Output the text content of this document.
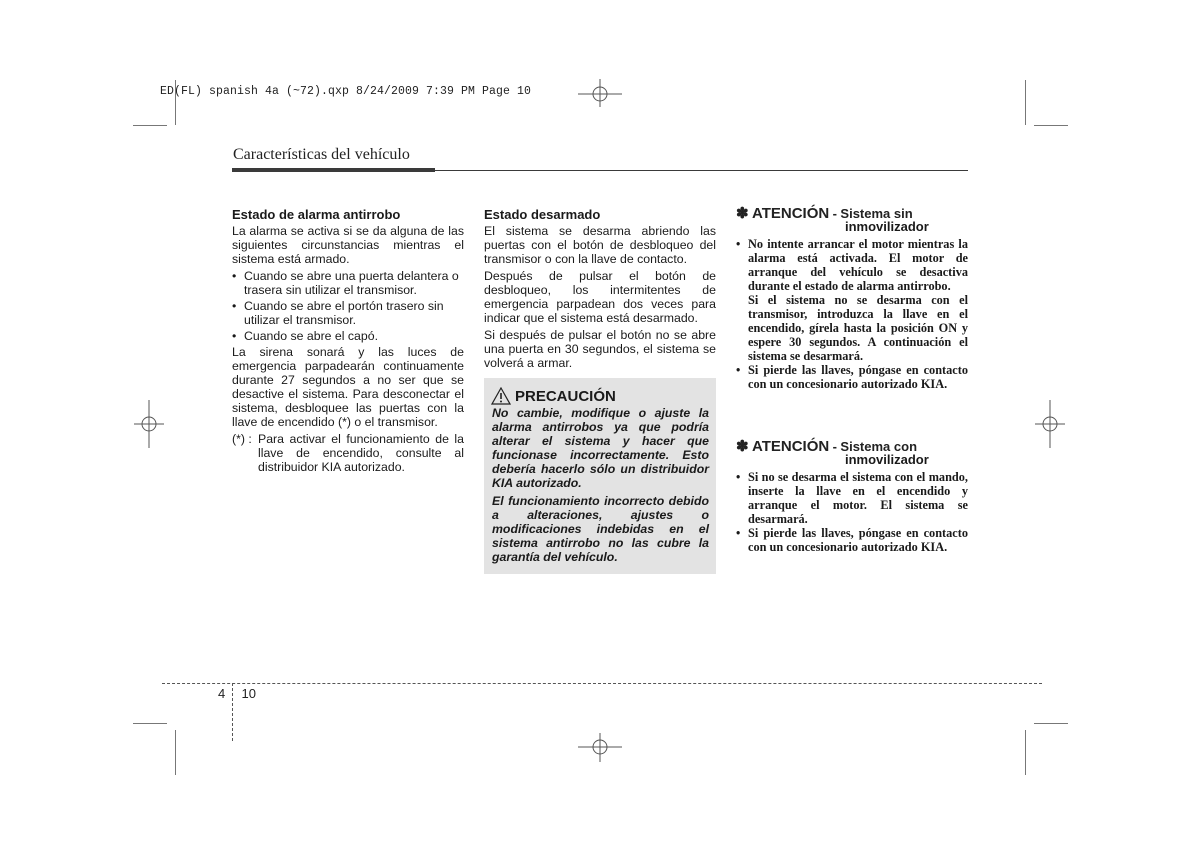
ED(FL) spanish 4a (~72).qxp 8/24/2009 7:39 PM Page 10
Características del vehículo
Estado de alarma antirrobo

La alarma se activa si se da alguna de las siguientes circunstancias mientras el sistema está armado.

• Cuando se abre una puerta delantera o trasera sin utilizar el transmisor.
• Cuando se abre el portón trasero sin utilizar el transmisor.
• Cuando se abre el capó.

La sirena sonará y las luces de emergencia parpadearán continuamente durante 27 segundos a no ser que se desactive el sistema. Para desconectar el sistema, desbloquee las puertas con la llave de encendido (*) o el transmisor.

(*) : Para activar el funcionamiento de la llave de encendido, consulte al distribuidor KIA autorizado.
Estado desarmado

El sistema se desarma abriendo las puertas con el botón de desbloqueo del transmisor o con la llave de contacto.

Después de pulsar el botón de desbloqueo, los intermitentes de emergencia parpadean dos veces para indicar que el sistema está desarmado.

Si después de pulsar el botón no se abre una puerta en 30 segundos, el sistema se volverá a armar.

PRECAUCIÓN

No cambie, modifique o ajuste la alarma antirrobos ya que podría alterar el sistema y hacer que funcionase incorrectamente. Esto debería hacerlo sólo un distribuidor KIA autorizado.

El funcionamiento incorrecto debido a alteraciones, ajustes o modificaciones indebidas en el sistema antirrobo no las cubre la garantía del vehículo.

✽ ATENCIÓN - Sistema sin
inmovilizador

• No intente arrancar el motor mientras la alarma está activada. El motor de arranque del vehículo se desactiva durante el estado de alarma antirrobo.

Si el sistema no se desarma con el transmisor, introduzca la llave en el encendido, gírela hasta la posición ON y espere 30 segundos. A continuación el sistema se desarmará.

• Si pierde las llaves, póngase en contacto con un concesionario autorizado KIA.

✽ ATENCIÓN - Sistema con
inmovilizador
• Si no se desarma el sistema con el mando, inserte la llave en el encendido y arranque el motor. El sistema se desarmará.
• Si pierde las llaves, póngase en contacto con un concesionario autorizado KIA.
4 10
